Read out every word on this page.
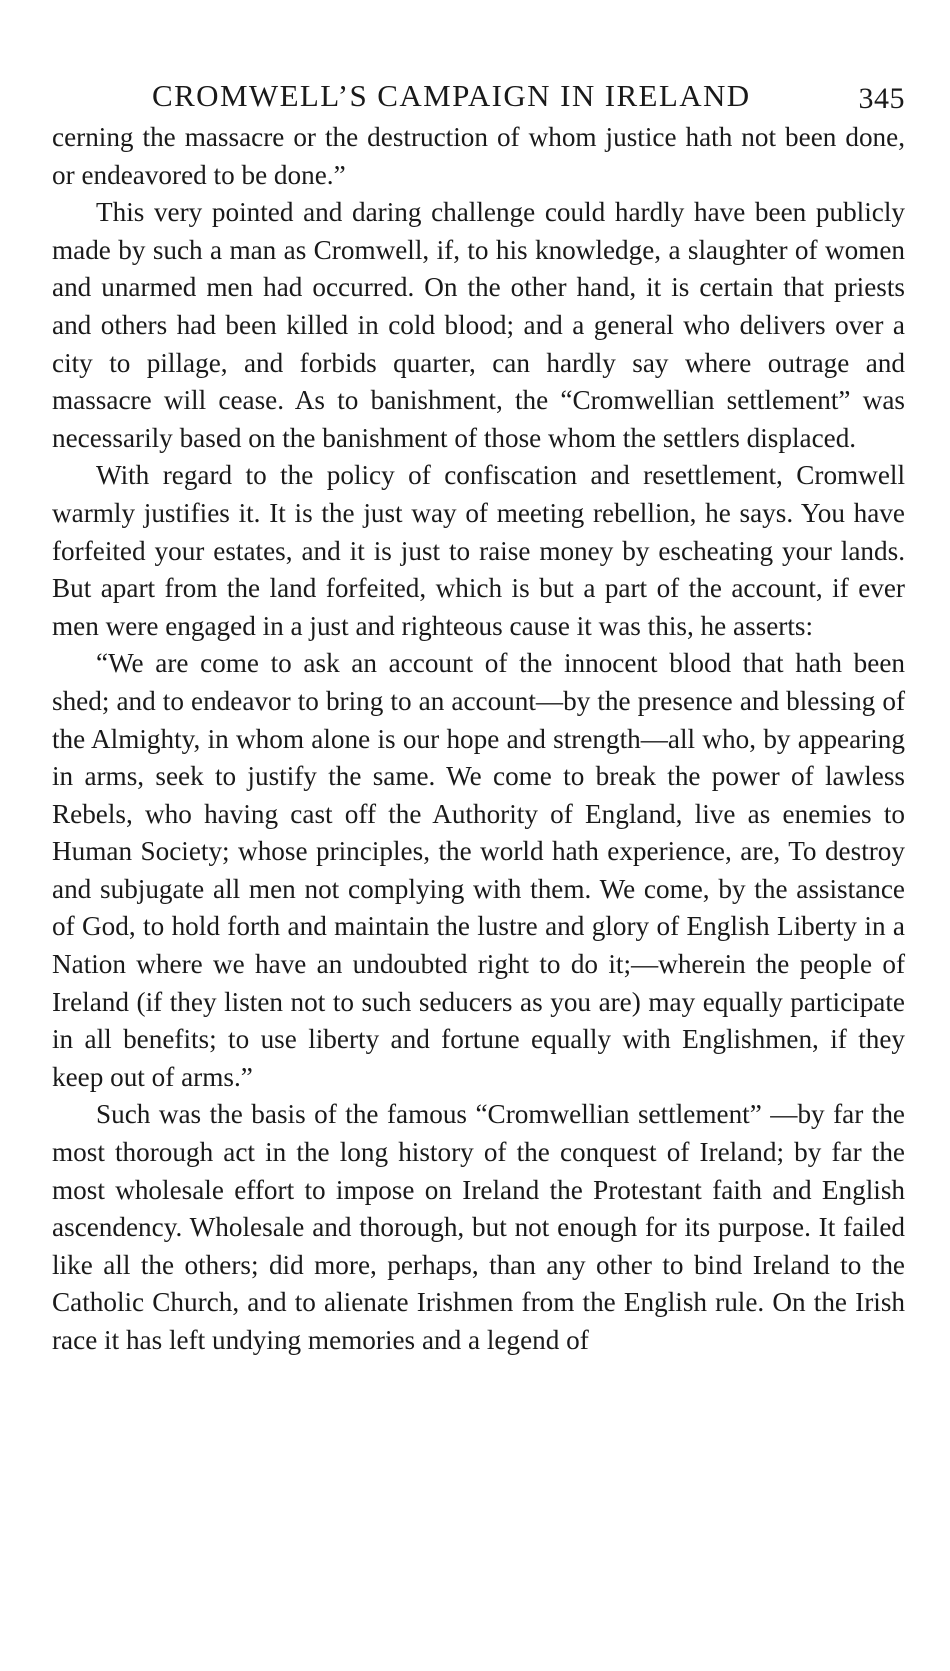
CROMWELL’S CAMPAIGN IN IRELAND	345

cerning the massacre or the destruction of whom justice hath not been done, or endeavored to be done.”

This very pointed and daring challenge could hardly have been publicly made by such a man as Cromwell, if, to his knowledge, a slaughter of women and unarmed men had occurred. On the other hand, it is certain that priests and others had been killed in cold blood; and a general who delivers over a city to pillage, and forbids quarter, can hardly say where outrage and massacre will cease. As to banishment, the “Cromwellian settlement” was necessarily based on the banishment of those whom the settlers displaced.

With regard to the policy of confiscation and resettlement, Cromwell warmly justifies it. It is the just way of meeting rebellion, he says. You have forfeited your estates, and it is just to raise money by escheating your lands. But apart from the land forfeited, which is but a part of the account, if ever men were engaged in a just and righteous cause it was this, he asserts:

“We are come to ask an account of the innocent blood that hath been shed; and to endeavor to bring to an account—by the presence and blessing of the Almighty, in whom alone is our hope and strength—all who, by appearing in arms, seek to justify the same. We come to break the power of lawless Rebels, who having cast off the Authority of England, live as enemies to Human Society; whose principles, the world hath experience, are, To destroy and subjugate all men not complying with them. We come, by the assistance of God, to hold forth and maintain the lustre and glory of English Liberty in a Nation where we have an undoubted right to do it;—wherein the people of Ireland (if they listen not to such seducers as you are) may equally participate in all benefits; to use liberty and fortune equally with Englishmen, if they keep out of arms.”

Such was the basis of the famous “Cromwellian settlement” —by far the most thorough act in the long history of the conquest of Ireland; by far the most wholesale effort to impose on Ireland the Protestant faith and English ascendency. Wholesale and thorough, but not enough for its purpose. It failed like all the others; did more, perhaps, than any other to bind Ireland to the Catholic Church, and to alienate Irishmen from the English rule. On the Irish race it has left undying memories and a legend of
